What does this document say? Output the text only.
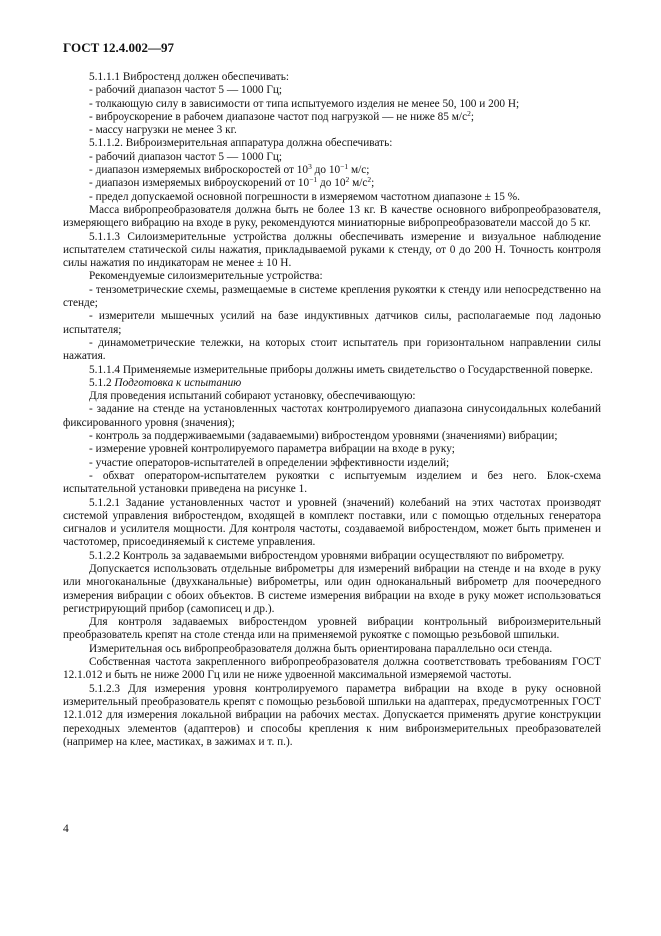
ГОСТ 12.4.002—97

5.1.1.1 Вибростенд должен обеспечивать:

- рабочий диапазон частот 5 — 1000 Гц;

- толкающую силу в зависимости от типа испытуемого изделия не менее 50, 100 и 200 Н;

- виброускорение в рабочем диапазоне частот под нагрузкой — не ниже 85 $м/с^2$;

- массу нагрузки не менее 3 кг.

5.1.1.2. Виброизмерительная аппаратура должна обеспечивать:

- рабочий диапазон частот 5 — 1000 Гц;

- диапазон измеряемых виброскоростей от $10^3$ до $10^{-1}$ м/с;

- диапазон измеряемых виброускорений от $10^{-1}$ до $10^2$ $м/с^2$;

- предел допускаемой основной погрешности в измеряемом частотном диапазоне ± 15 %.

Масса вибропреобразователя должна быть не более 13 кг. В качестве основного вибропреобразователя, измеряющего вибрацию на входе в руку, рекомендуются миниатюрные вибропреобразователи массой до 5 кг.

5.1.1.3 Силоизмерительные устройства должны обеспечивать измерение и визуальное наблюдение испытателем статической силы нажатия, прикладываемой руками к стенду, от 0 до 200 Н. Точность контроля силы нажатия по индикаторам не менее ± 10 Н.

Рекомендуемые силоизмерительные устройства:

- тензометрические схемы, размещаемые в системе крепления рукоятки к стенду или непосредственно на стенде;

- измерители мышечных усилий на базе индуктивных датчиков силы, располагаемые под ладонью испытателя;

- динамометрические тележки, на которых стоит испытатель при горизонтальном направлении силы нажатия.

5.1.1.4 Применяемые измерительные приборы должны иметь свидетельство о Государственной поверке.

5.1.2 Подготовка к испытанию

Для проведения испытаний собирают установку, обеспечивающую:

- задание на стенде на установленных частотах контролируемого диапазона синусоидальных колебаний фиксированного уровня (значения);

- контроль за поддерживаемыми (задаваемыми) вибростендом уровнями (значениями) вибрации;

- измерение уровней контролируемого параметра вибрации на входе в руку;

- участие операторов-испытателей в определении эффективности изделий;

- обхват оператором-испытателем рукоятки с испытуемым изделием и без него. Блок-схема испытательной установки приведена на рисунке 1.

5.1.2.1 Задание установленных частот и уровней (значений) колебаний на этих частотах производят системой управления вибростендом, входящей в комплект поставки, или с помощью отдельных генератора сигналов и усилителя мощности. Для контроля частоты, создаваемой вибростендом, может быть применен и частотомер, присоединяемый к системе управления.

5.1.2.2 Контроль за задаваемыми вибростендом уровнями вибрации осуществляют по виброметру.

Допускается использовать отдельные виброметры для измерений вибрации на стенде и на входе в руку или многоканальные (двухканальные) виброметры, или один одноканальный виброметр для поочередного измерения вибрации с обоих объектов. В системе измерения вибрации на входе в руку может использоваться регистрирующий прибор (самописец и др.).

Для контроля задаваемых вибростендом уровней вибрации контрольный виброизмерительный преобразователь крепят на столе стенда или на применяемой рукоятке с помощью резьбовой шпильки.

Измерительная ось вибропреобразователя должна быть ориентирована параллельно оси стенда.

Собственная частота закрепленного вибропреобразователя должна соответствовать требованиям ГОСТ 12.1.012 и быть не ниже 2000 Гц или не ниже удвоенной максимальной измеряемой частоты.

5.1.2.3 Для измерения уровня контролируемого параметра вибрации на входе в руку основной измерительный преобразователь крепят с помощью резьбовой шпильки на адаптерах, предусмотренных ГОСТ 12.1.012 для измерения локальной вибрации на рабочих местах. Допускается применять другие конструкции переходных элементов (адаптеров) и способы крепления к ним виброизмерительных преобразователей (например на клее, мастиках, в зажимах и т. п.).

4
